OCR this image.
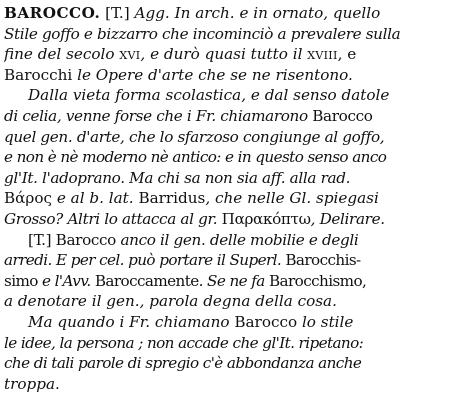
BAROCCO. [T.] Agg. In arch. e in ornato, quello
Stile goffo e bizzarro che incominciò a prevalere sulla
fine del secolo xvi, e durò quasi tutto il xviii, e
Barocchi le Opere d'arte che se ne risentono.
Dalla vieta forma scolastica, e dal senso datole
di celia, venne forse che i Fr. chiamarono Barocco
quel gen. d'arte, che lo sfarzoso congiunge al goffo,
e non è nè moderno nè antico: e in questo senso anco
gl'It. l'adoprano. Ma chi sa non sia aff. alla rad.
Βάρος e al b. lat. Barridus, che nelle Gl. spiegasi
Grosso? Altri lo attacca al gr. Παρακόπτω, Delirare.
[T.] Barocco anco il gen. delle mobilie e degli
arredi. E per cel. può portare il Superl. Barocchis-
simo e l'Avv. Baroccamente. Se ne fa Barocchismo,
a denotare il gen., parola degna della cosa.
Ma quando i Fr. chiamano Barocco lo stile
le idee, la persona ; non accade che gl'It. ripetano:
che di tali parole di spregio c'è abbondanza anche
troppa.
